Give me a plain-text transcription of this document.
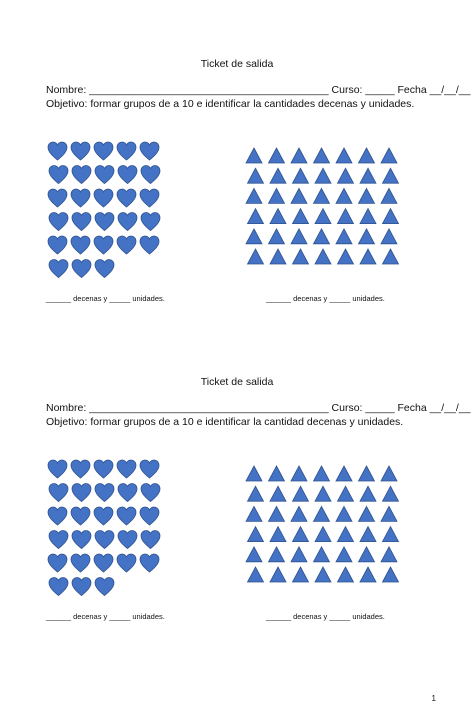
Ticket de salida
Nombre: _________________________________________ Curso: _____ Fecha __/__/__
Objetivo: formar grupos de a 10 e identificar la cantidades decenas y unidades.
______ decenas y _____ unidades.	______ decenas y _____ unidades.
Ticket de salida
Nombre: _________________________________________ Curso: _____ Fecha __/__/__
Objetivo: formar grupos de a 10 e identificar la cantidad decenas y unidades.
______ decenas y _____ unidades.	______ decenas y _____ unidades.
1
